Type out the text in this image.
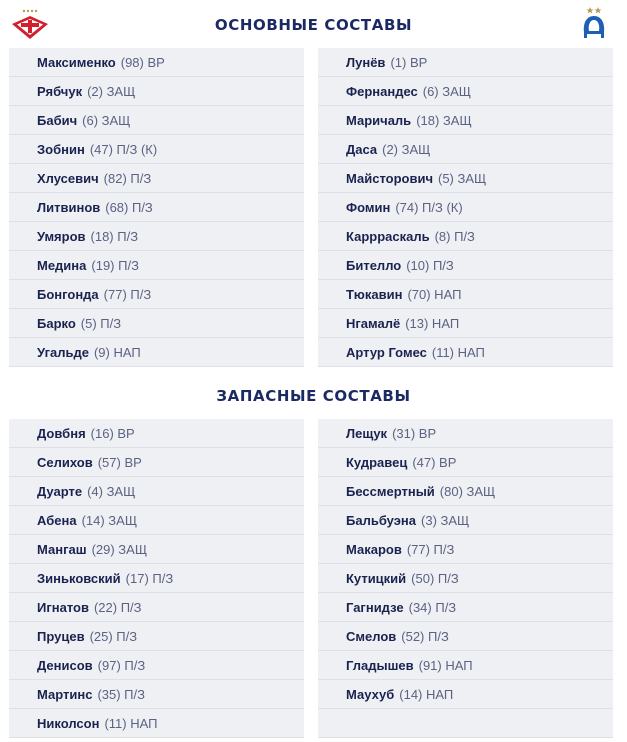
ОСНОВНЫЕ СОСТАВЫ
Максименко (98) ВР
Рябчук (2) ЗАЩ
Бабич (6) ЗАЩ
Зобнин (47) П/З (К)
Хлусевич (82) П/З
Литвинов (68) П/З
Умяров (18) П/З
Медина (19) П/З
Бонгонда (77) П/З
Барко (5) П/З
Угальде (9) НАП
Лунёв (1) ВР
Фернандес (6) ЗАЩ
Маричаль (18) ЗАЩ
Даса (2) ЗАЩ
Майсторович (5) ЗАЩ
Фомин (74) П/З (К)
Каррраскаль (8) П/З
Бителло (10) П/З
Тюкавин (70) НАП
Нгамалё (13) НАП
Артур Гомес (11) НАП
ЗАПАСНЫЕ СОСТАВЫ
Довбня (16) ВР
Селихов (57) ВР
Дуарте (4) ЗАЩ
Абена (14) ЗАЩ
Мангаш (29) ЗАЩ
Зиньковский (17) П/З
Игнатов (22) П/З
Пруцев (25) П/З
Денисов (97) П/З
Мартинс (35) П/З
Николсон (11) НАП
Лещук (31) ВР
Кудравец (47) ВР
Бессмертный (80) ЗАЩ
Бальбуэна (3) ЗАЩ
Макаров (77) П/З
Кутицкий (50) П/З
Гагнидзе (34) П/З
Смелов (52) П/З
Гладышев (91) НАП
Маухуб (14) НАП
